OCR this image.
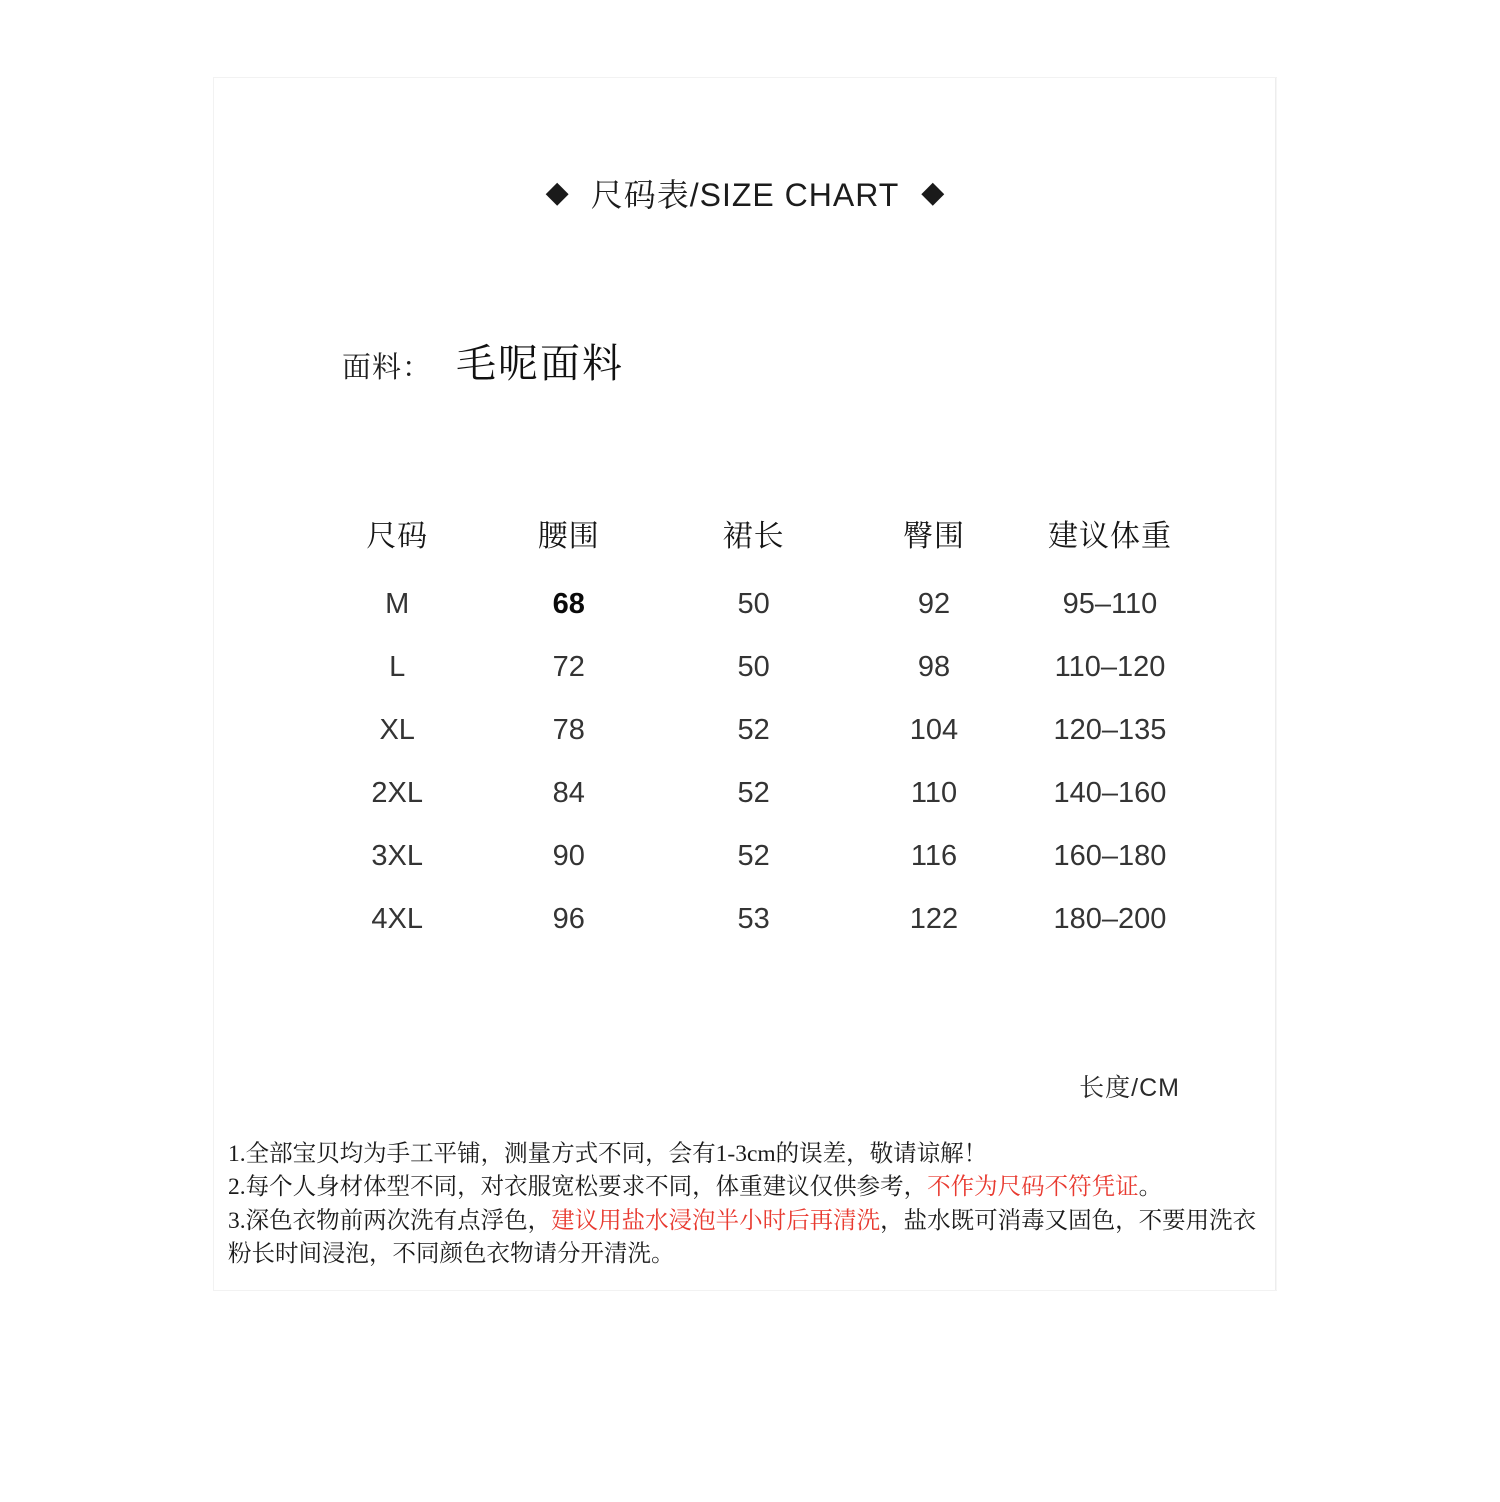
◆ 尺码表/SIZE CHART ◆
面料： 毛呢面料
尺码	腰围	裙长	臀围	建议体重
M	68	50	92	95–110
L	72	50	98	110–120
XL	78	52	104	120–135
2XL	84	52	110	140–160
3XL	90	52	116	160–180
4XL	96	53	122	180–200
长度/CM
1.全部宝贝均为手工平铺，测量方式不同，会有1-3cm的误差，敬请谅解！
2.每个人身材体型不同，对衣服宽松要求不同，体重建议仅供参考，不作为尺码不符凭证。
3.深色衣物前两次洗有点浮色，建议用盐水浸泡半小时后再清洗，盐水既可消毒又固色，不要用洗衣
粉长时间浸泡，不同颜色衣物请分开清洗。
